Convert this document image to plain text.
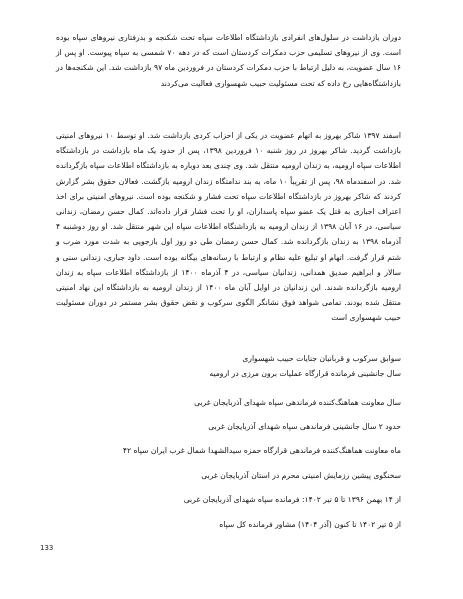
دوران بازداشت در سلول‌های انفرادی بازداشتگاه اطلاعات سپاه تحت شکنجه و بدرفتاری نیروهای سپاه بوده است. وی از نیروهای تسلیمی حزب دمکرات کردستان است که در دهه ۷۰ شمسی به سپاه پیوست. او پس از ۱۶ سال عضویت، به دلیل ارتباط با حزب دمکرات کردستان در فروردین ماه ۹۷ بازداشت شد. این شکنجه‌ها در بازداشتگاه‌هایی رخ داده که تحت مسئولیت حبیب شهسواری فعالیت می‌کردند

اسفند ۱۳۹۷ شاکر بهروز به اتهام عضویت در یکی از احزاب کردی بازداشت شد. او توسط ۱۰ نیروهای امنیتی بازداشت گردید. شاکر بهروز در روز شنبه ۱۰ فروردین ۱۳۹۸، پس از حدود یک ماه بازداشت در بازداشتگاه اطلاعات سپاه ارومیه، به زندان ارومیه منتقل شد. وی چندی بعد دوباره به بازداشتگاه اطلاعات سپاه بازگردانده شد. در اسفندماه ۹۸، پس از تقریباً ۱۰ ماه، به بند ندامتگاه زندان ارومیه بازگشت. فعالان حقوق بشر گزارش کردند که شاکر بهروز در بازداشتگاه اطلاعات سپاه تحت فشار و شکنجه بوده است. نیروهای امنیتی برای اخذ اعتراف اجباری به قتل یک عضو سپاه پاسداران، او را تحت فشار قرار داده‌اند. کمال حسن رمضان، زندانی سیاسی، در ۱۶ آبان ۱۳۹۸ از زندان ارومیه به بازداشتگاه اطلاعات سپاه این شهر منتقل شد. او روز دوشنبه ۴ آذرماه ۱۳۹۸ به زندان بازگردانده شد. کمال حسن رمضان طی دو روز اول بازجویی به شدت مورد ضرب و شتم قرار گرفت. اتهام او تبلیغ علیه نظام و ارتباط با رسانه‌های بیگانه بوده است. داود جباری، زندانی سنی و سالار و ابراهیم صدیق همدانی، زندانیان سیاسی، در ۴ آذرماه ۱۴۰۰ از بازداشتگاه اطلاعات سپاه به زندان ارومیه بازگردانده شدند. این زندانیان در اوایل آبان ماه ۱۴۰۰ از زندان ارومیه به بازداشتگاه این نهاد امنیتی منتقل شده بودند. تمامی شواهد فوق نشانگر الگوی سرکوب و نقض حقوق بشر مستمر در دوران مسئولیت حبیب شهسواری است

سوابق سرکوب و قربانیان جنایات حبیب شهسواری
سال جانشینی فرمانده قرارگاه عملیات برون مرزی در ارومیه

سال معاونت هماهنگ‌کننده فرماندهی سپاه شهدای آذربایجان غربی

حدود ۲ سال جانشینی فرماندهی سپاه شهدای آذربایجان غربی

ماه معاونت هماهنگ‌کننده فرماندهی قرارگاه حمزه سیدالشهدا شمال غرب ایران سپاه ۴۲

سخنگوی پیشین رزمایش امنیتی محرم در استان آذربایجان غربی

از ۱۴ بهمن ۱۳۹۶ تا ۵ تیر ۱۴۰۲: فرمانده سپاه شهدای آذربایجان غربی

از ۵ تیر ۱۴۰۲ تا کنون (آذر ۱۴۰۴) مشاور فرمانده کل سپاه

133
